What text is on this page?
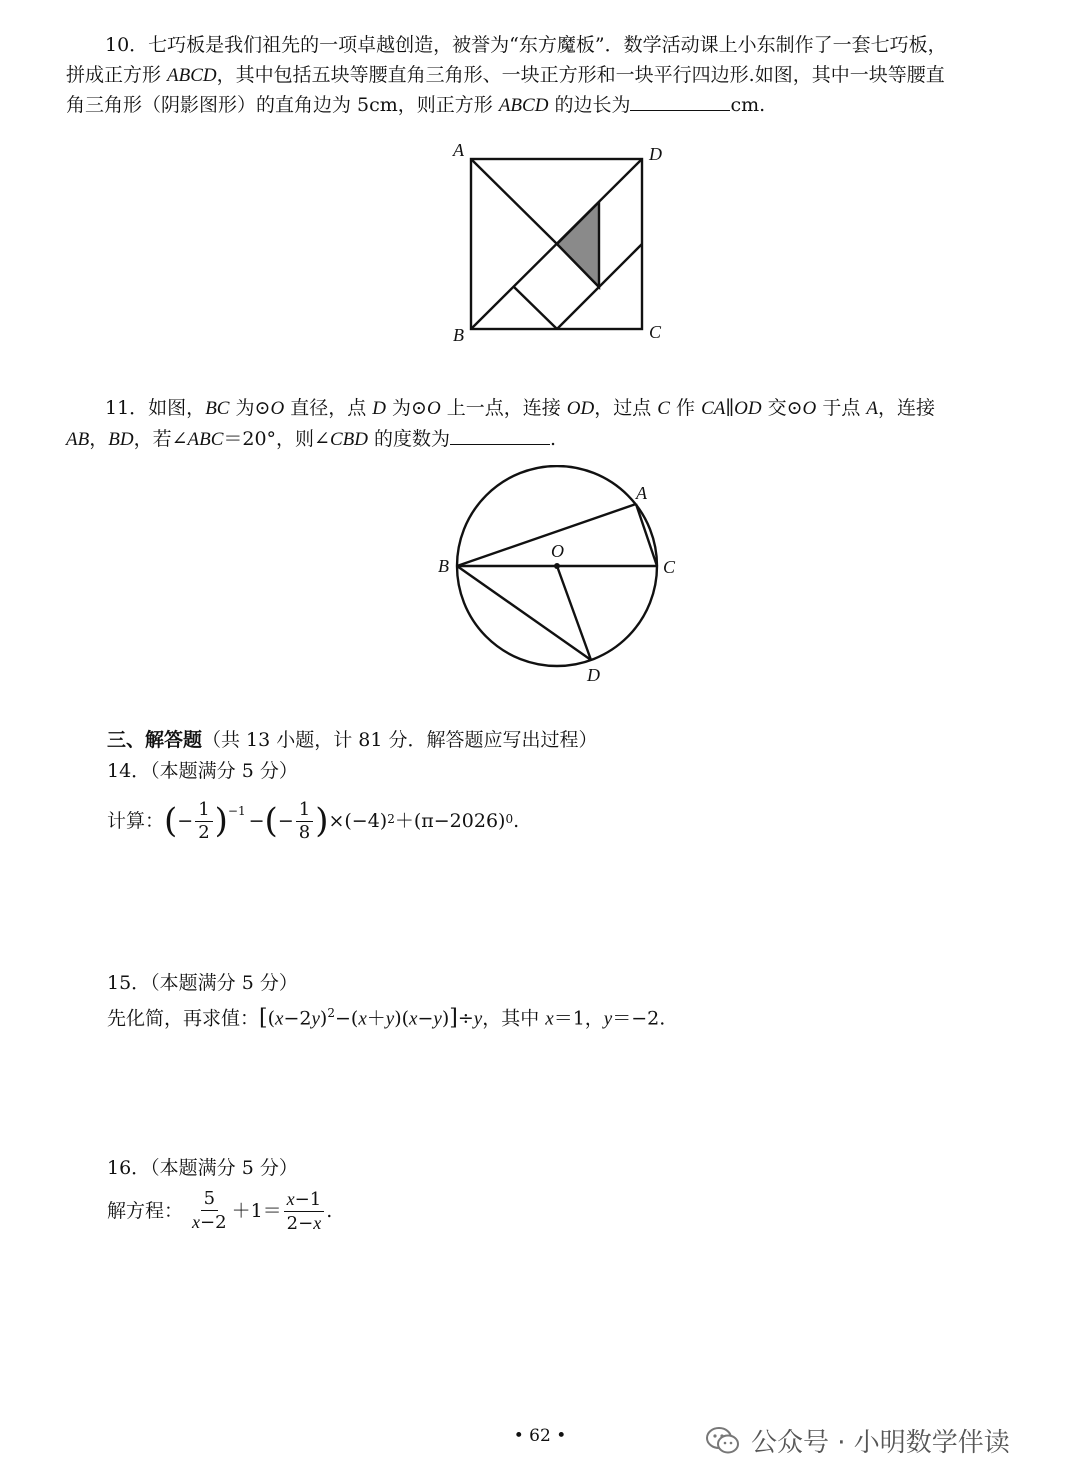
10．七巧板是我们祖先的一项卓越创造，被誉为“东方魔板”．数学活动课上小东制作了一套七巧板，
拼成正方形 ABCD，其中包括五块等腰直角三角形、一块正方形和一块平行四边形.如图，其中一块等腰直
角三角形（阴影图形）的直角边为 5cm，则正方形 ABCD 的边长为	cm.
A	D
B	C
11．如图，BC 为⊙O 直径，点 D 为⊙O 上一点，连接 OD，过点 C 作 CA∥OD 交⊙O 于点 A，连接
AB，BD，若∠ABC＝20°，则∠CBD 的度数为	.
A
O
B	C
D
三、解答题（共 13 小题，计 81 分．解答题应写出过程）
14．（本题满分 5 分）
计算： ( − $\frac{1}{2} )^{-1}$ − ( − $\frac{1}{8}$ ) ×(−4) 2 ＋(π−2026) 0 .
15．（本题满分 5 分）
先化简，再求值：$[(x-2y)^2-(x+y)(x-y)]\div y$，其中 x＝1，y＝−2.
16．（本题满分 5 分）
解方程： $\frac{5}{x-2} +1= \frac{x-1}{2-x}$ .
• 62 •	公众号 · 小明数学伴读
